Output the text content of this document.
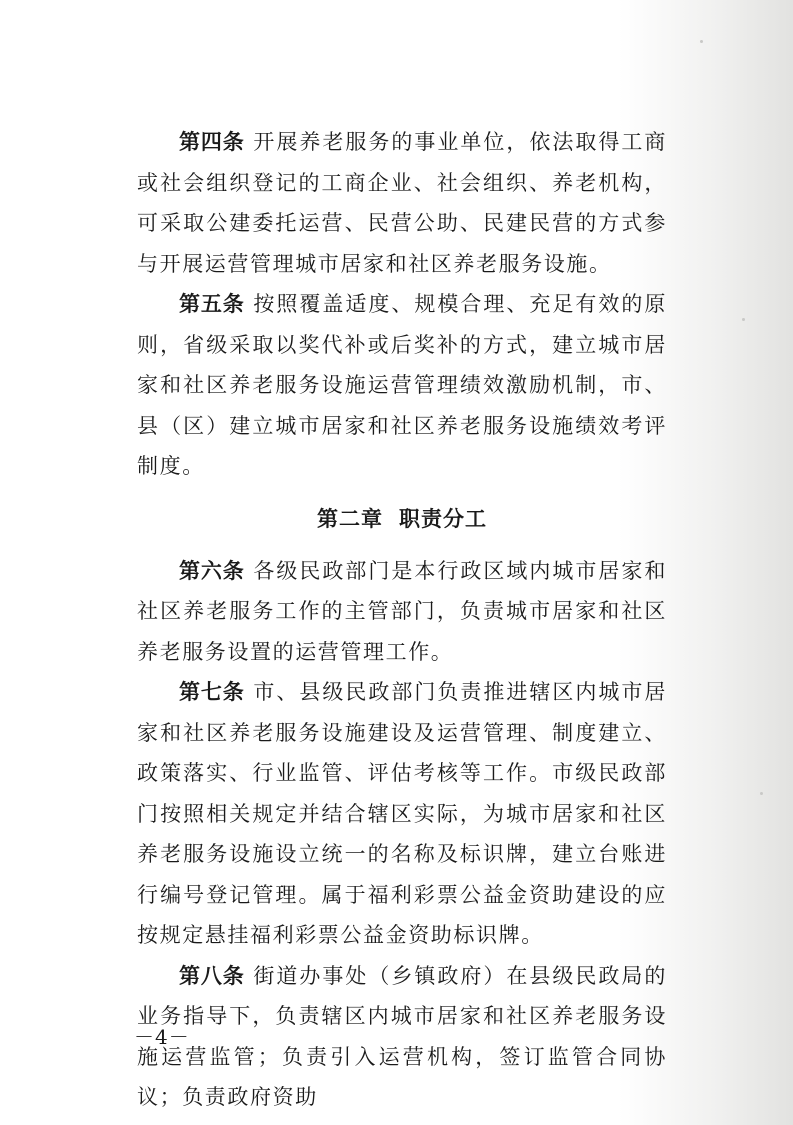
第四条 开展养老服务的事业单位，依法取得工商或社会组织登记的工商企业、社会组织、养老机构，可采取公建委托运营、民营公助、民建民营的方式参与开展运营管理城市居家和社区养老服务设施。

第五条 按照覆盖适度、规模合理、充足有效的原则，省级采取以奖代补或后奖补的方式，建立城市居家和社区养老服务设施运营管理绩效激励机制，市、县（区）建立城市居家和社区养老服务设施绩效考评制度。

第二章 职责分工

第六条 各级民政部门是本行政区域内城市居家和社区养老服务工作的主管部门，负责城市居家和社区养老服务设置的运营管理工作。

第七条 市、县级民政部门负责推进辖区内城市居家和社区养老服务设施建设及运营管理、制度建立、政策落实、行业监管、评估考核等工作。市级民政部门按照相关规定并结合辖区实际，为城市居家和社区养老服务设施设立统一的名称及标识牌，建立台账进行编号登记管理。属于福利彩票公益金资助建设的应按规定悬挂福利彩票公益金资助标识牌。

第八条 街道办事处（乡镇政府）在县级民政局的业务指导下，负责辖区内城市居家和社区养老服务设施运营监管；负责引入运营机构，签订监管合同协议；负责政府资助

－4－
